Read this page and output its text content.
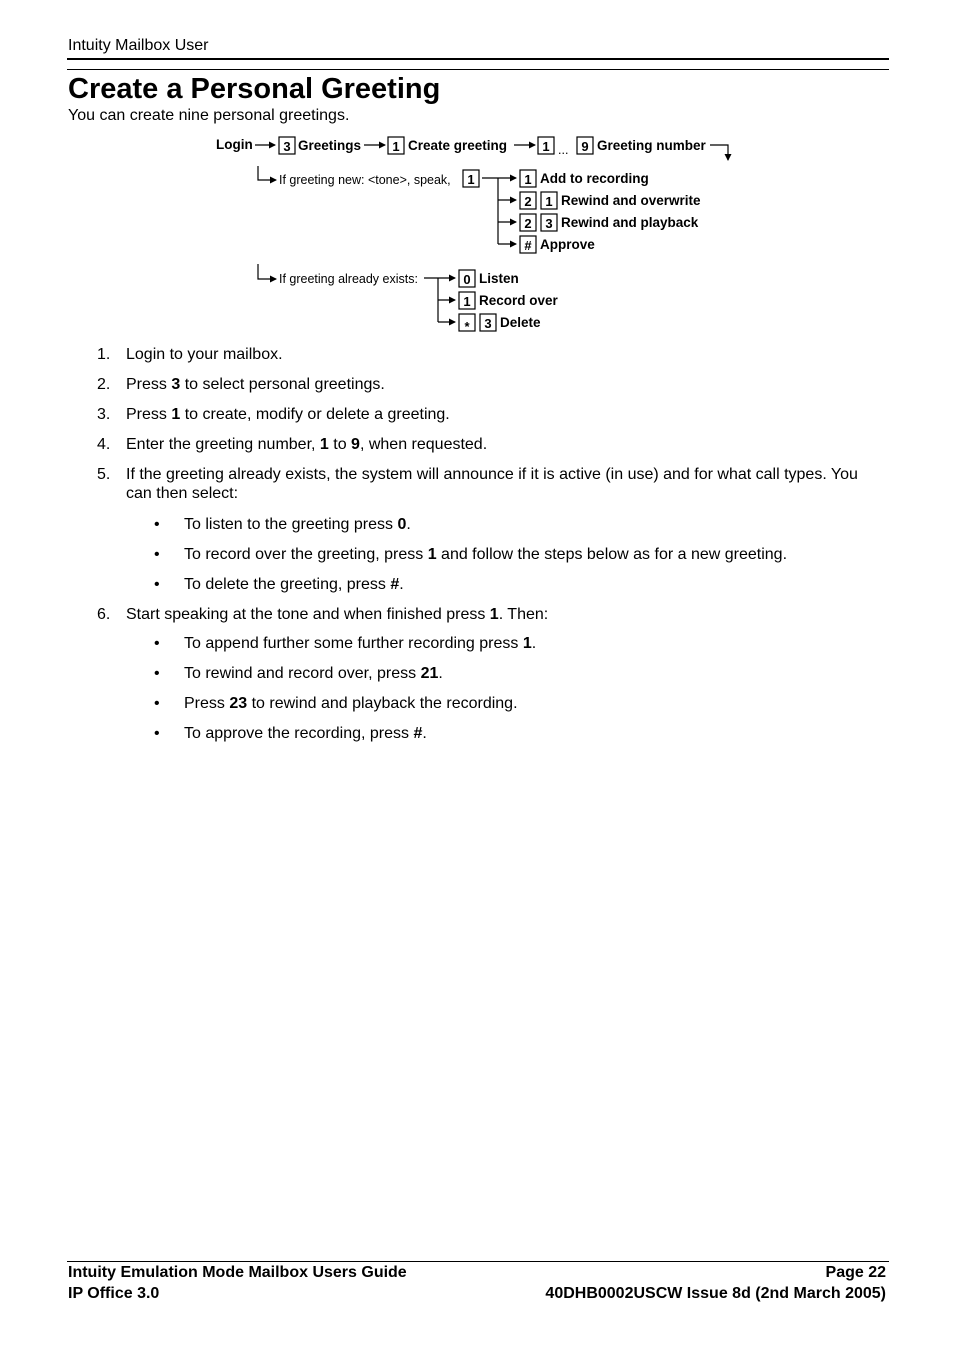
Intuity Mailbox User
Create a Personal Greeting
You can create nine personal greetings.
3	1	1 9
1	1
2 1
2 3
#
0
1
* 3
Login	Greetings	Create greeting	... Greeting number
If greeting new: <tone>, speak,	Add to recording
Rewind and overwrite
Rewind and playback
Approve
If greeting already exists:	Listen
Record over
Delete
1. Login to your mailbox.
2. Press 3 to select personal greetings.
3. Press 1 to create, modify or delete a greeting.
4. Enter the greeting number, 1 to 9, when requested.
5. If the greeting already exists, the system will announce if it is active (in use) and for what call types. You can then select:
• To listen to the greeting press 0.
• To record over the greeting, press 1 and follow the steps below as for a new greeting.
• To delete the greeting, press #.
6. Start speaking at the tone and when finished press 1. Then:
• To append further some further recording press 1.
• To rewind and record over, press 21.
• Press 23 to rewind and playback the recording.
• To approve the recording, press #.
Intuity Emulation Mode Mailbox Users Guide
IP Office 3.0
Page 22
40DHB0002USCW Issue 8d (2nd March 2005)
